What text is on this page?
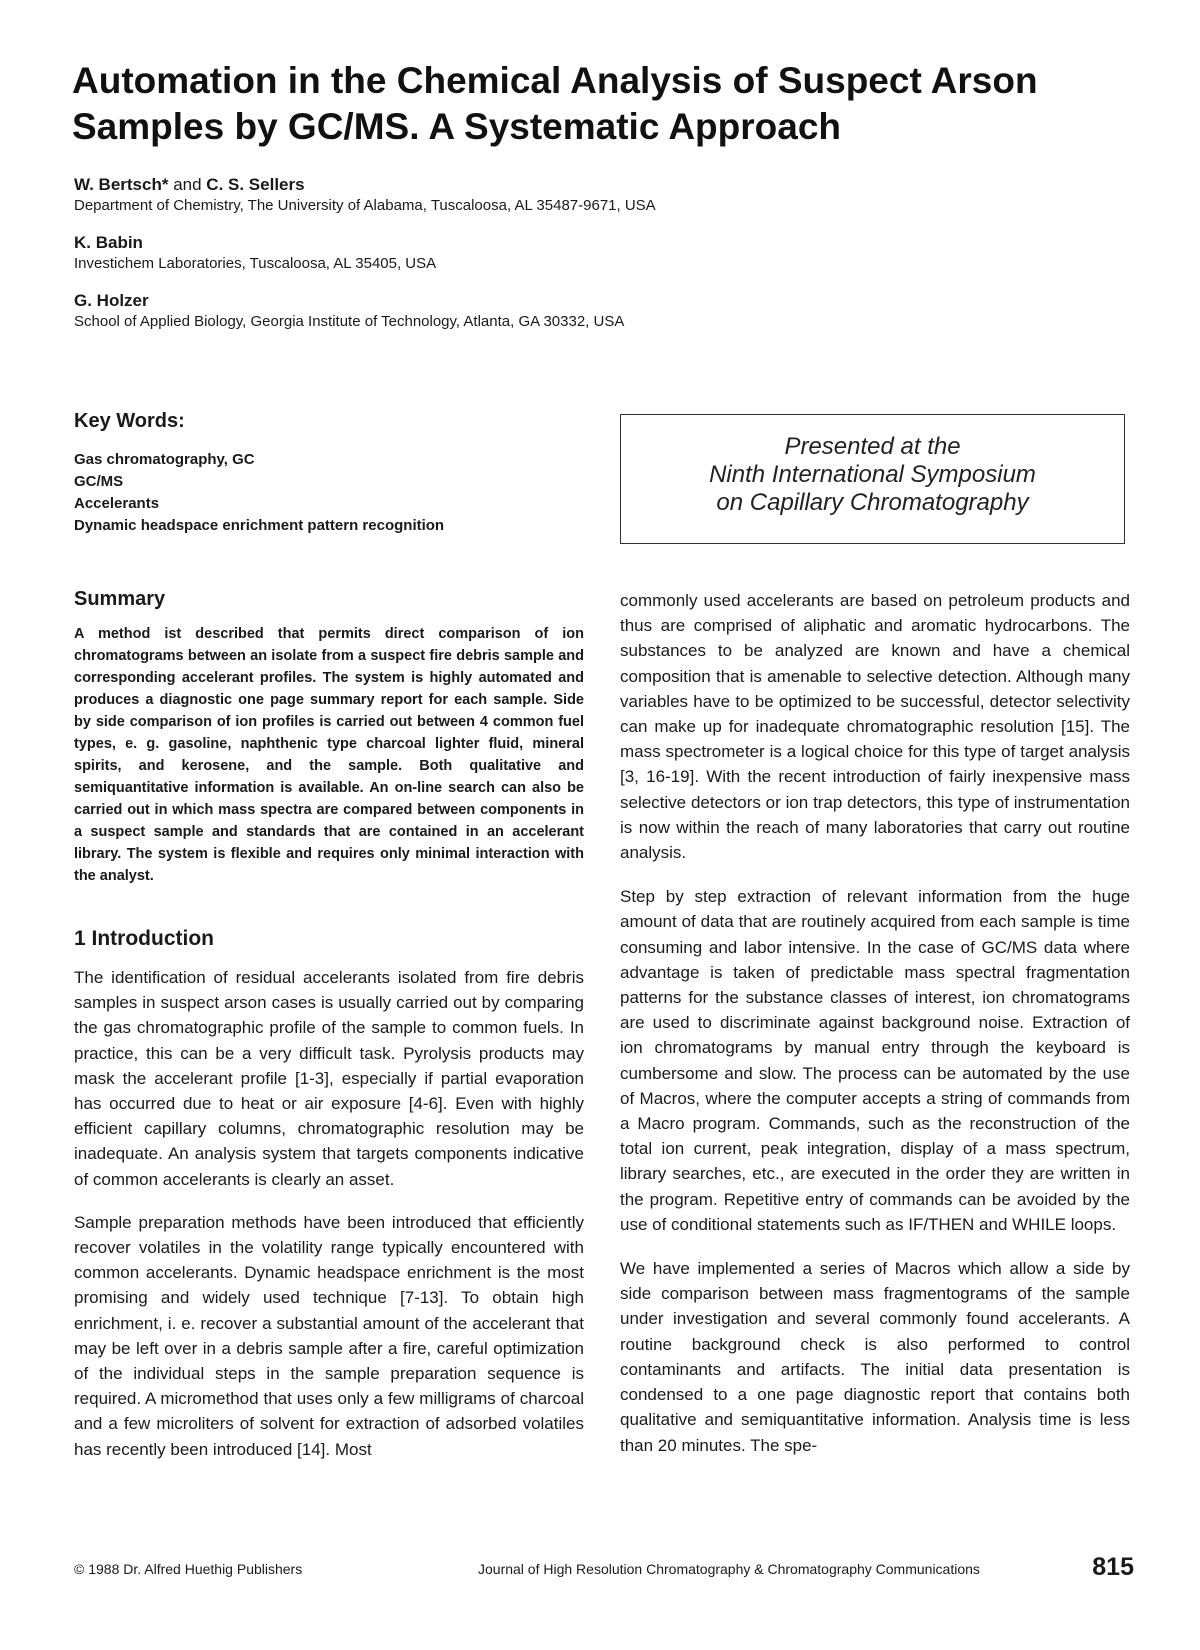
Automation in the Chemical Analysis of Suspect Arson
Samples by GC/MS. A Systematic Approach
W. Bertsch* and C. S. Sellers
Department of Chemistry, The University of Alabama, Tuscaloosa, AL 35487-9671, USA
K. Babin
Investichem Laboratories, Tuscaloosa, AL 35405, USA
G. Holzer
School of Applied Biology, Georgia Institute of Technology, Atlanta, GA 30332, USA
Key Words:
Gas chromatography, GC
GC/MS
Accelerants
Dynamic headspace enrichment pattern recognition
Presented at the
Ninth International Symposium
on Capillary Chromatography
Summary

A method ist described that permits direct comparison of ion chromatograms between an isolate from a suspect fire debris sample and corresponding accelerant profiles. The system is highly automated and produces a diagnostic one page summary report for each sample. Side by side comparison of ion profiles is carried out between 4 common fuel types, e. g. gasoline, naphthenic type charcoal lighter fluid, mineral spirits, and kerosene, and the sample. Both qualitative and semiquantitative information is available. An on-line search can also be carried out in which mass spectra are compared between components in a suspect sample and standards that are contained in an accelerant library. The system is flexible and requires only minimal interaction with the analyst.

1 Introduction

The identification of residual accelerants isolated from fire debris samples in suspect arson cases is usually carried out by comparing the gas chromatographic profile of the sample to common fuels. In practice, this can be a very difficult task. Pyrolysis products may mask the accelerant profile [1-3], especially if partial evaporation has occurred due to heat or air exposure [4-6]. Even with highly efficient capillary columns, chromatographic resolution may be inadequate. An analysis system that targets components indicative of common accelerants is clearly an asset.

Sample preparation methods have been introduced that efficiently recover volatiles in the volatility range typically encountered with common accelerants. Dynamic headspace enrichment is the most promising and widely used technique [7-13]. To obtain high enrichment, i. e. recover a substantial amount of the accelerant that may be left over in a debris sample after a fire, careful optimization of the individual steps in the sample preparation sequence is required. A micromethod that uses only a few milligrams of charcoal and a few microliters of solvent for extraction of adsorbed volatiles has recently been introduced [14]. Most

commonly used accelerants are based on petroleum products and thus are comprised of aliphatic and aromatic hydrocarbons. The substances to be analyzed are known and have a chemical composition that is amenable to selective detection. Although many variables have to be optimized to be successful, detector selectivity can make up for inadequate chromatographic resolution [15]. The mass spectrometer is a logical choice for this type of target analysis [3, 16-19]. With the recent introduction of fairly inexpensive mass selective detectors or ion trap detectors, this type of instrumentation is now within the reach of many laboratories that carry out routine analysis.

Step by step extraction of relevant information from the huge amount of data that are routinely acquired from each sample is time consuming and labor intensive. In the case of GC/MS data where advantage is taken of predictable mass spectral fragmentation patterns for the substance classes of interest, ion chromatograms are used to discriminate against background noise. Extraction of ion chromatograms by manual entry through the keyboard is cumbersome and slow. The process can be automated by the use of Macros, where the computer accepts a string of commands from a Macro program. Commands, such as the reconstruction of the total ion current, peak integration, display of a mass spectrum, library searches, etc., are executed in the order they are written in the program. Repetitive entry of commands can be avoided by the use of conditional statements such as IF/THEN and WHILE loops.

We have implemented a series of Macros which allow a side by side comparison between mass fragmentograms of the sample under investigation and several commonly found accelerants. A routine background check is also performed to control contaminants and artifacts. The initial data presentation is condensed to a one page diagnostic report that contains both qualitative and semiquantitative information. Analysis time is less than 20 minutes. The spe-

© 1988 Dr. Alfred Huethig Publishers	Journal of High Resolution Chromatography & Chromatography Communications	815
